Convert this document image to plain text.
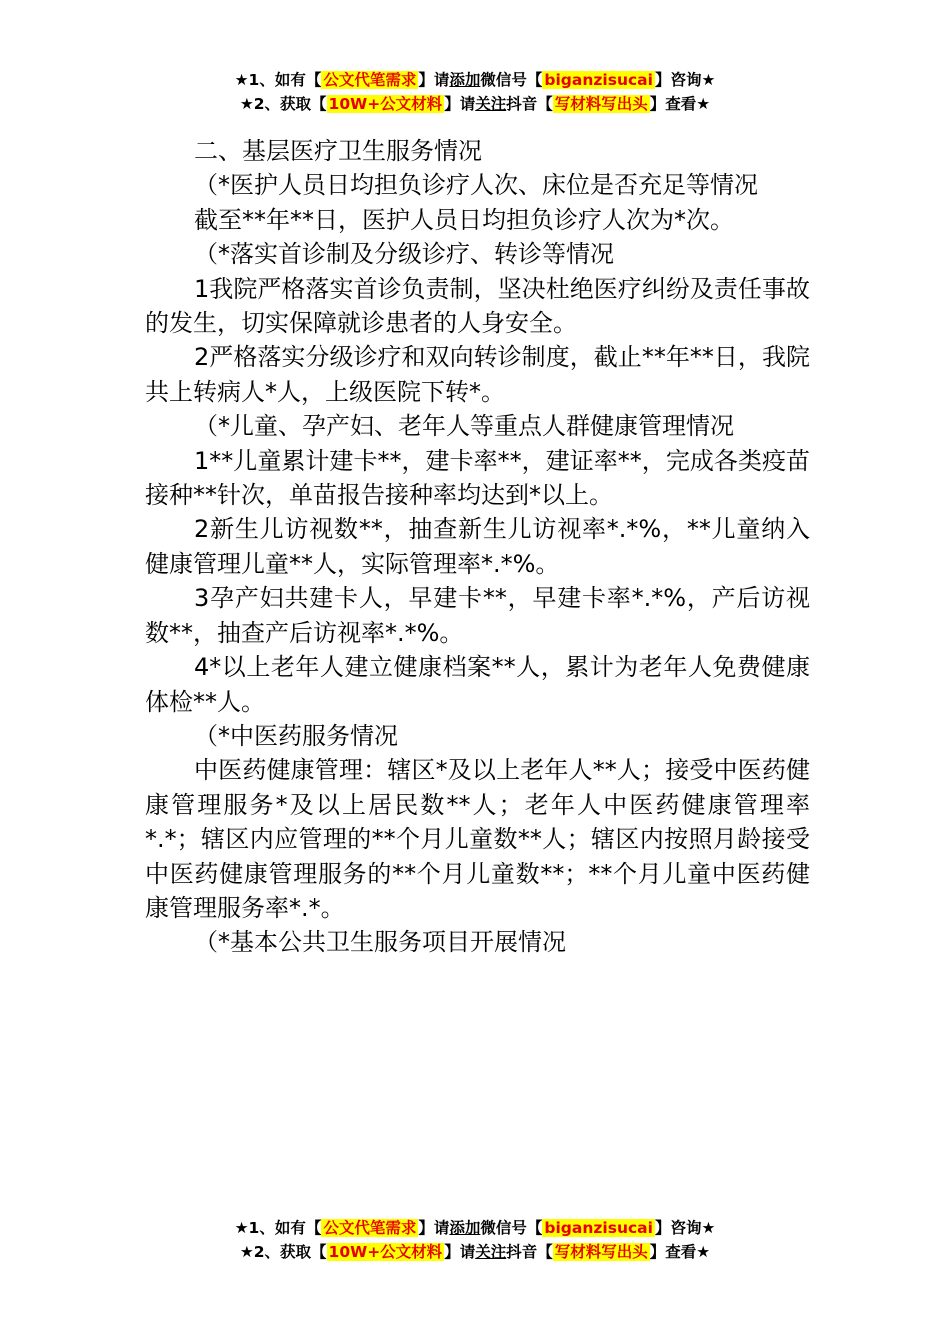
★1、如有【 公文代笔需求 】请添加微信号【 biganzisucai 】咨询★
★2、获取【 10W+公文材料 】请关注抖音【 写材料写出头 】查看★

二、基层医疗卫生服务情况

（*医护人员日均担负诊疗人次、床位是否充足等情况

截至**年**日，医护人员日均担负诊疗人次为*次。

（*落实首诊制及分级诊疗、转诊等情况

1我院严格落实首诊负责制，坚决杜绝医疗纠纷及责任事故的发生，切实保障就诊患者的人身安全。

2严格落实分级诊疗和双向转诊制度，截止**年**日，我院共上转病人*人，上级医院下转*。

（*儿童、孕产妇、老年人等重点人群健康管理情况

1**儿童累计建卡**，建卡率**，建证率**，完成各类疫苗接种**针次，单苗报告接种率均达到*以上。

2新生儿访视数**，抽查新生儿访视率*.*%，**儿童纳入健康管理儿童**人，实际管理率*.*%。

3孕产妇共建卡人，早建卡**，早建卡率*.*%，产后访视数**，抽查产后访视率*.*%。

4*以上老年人建立健康档案**人，累计为老年人免费健康体检**人。

（*中医药服务情况

中医药健康管理：辖区*及以上老年人**人；接受中医药健康管理服务*及以上居民数**人；老年人中医药健康管理率*.*；辖区内应管理的**个月儿童数**人；辖区内按照月龄接受中医药健康管理服务的**个月儿童数**；**个月儿童中医药健康管理服务率*.*。

（*基本公共卫生服务项目开展情况

★1、如有【 公文代笔需求 】请添加微信号【 biganzisucai 】咨询★
★2、获取【 10W+公文材料 】请关注抖音【 写材料写出头 】查看★
